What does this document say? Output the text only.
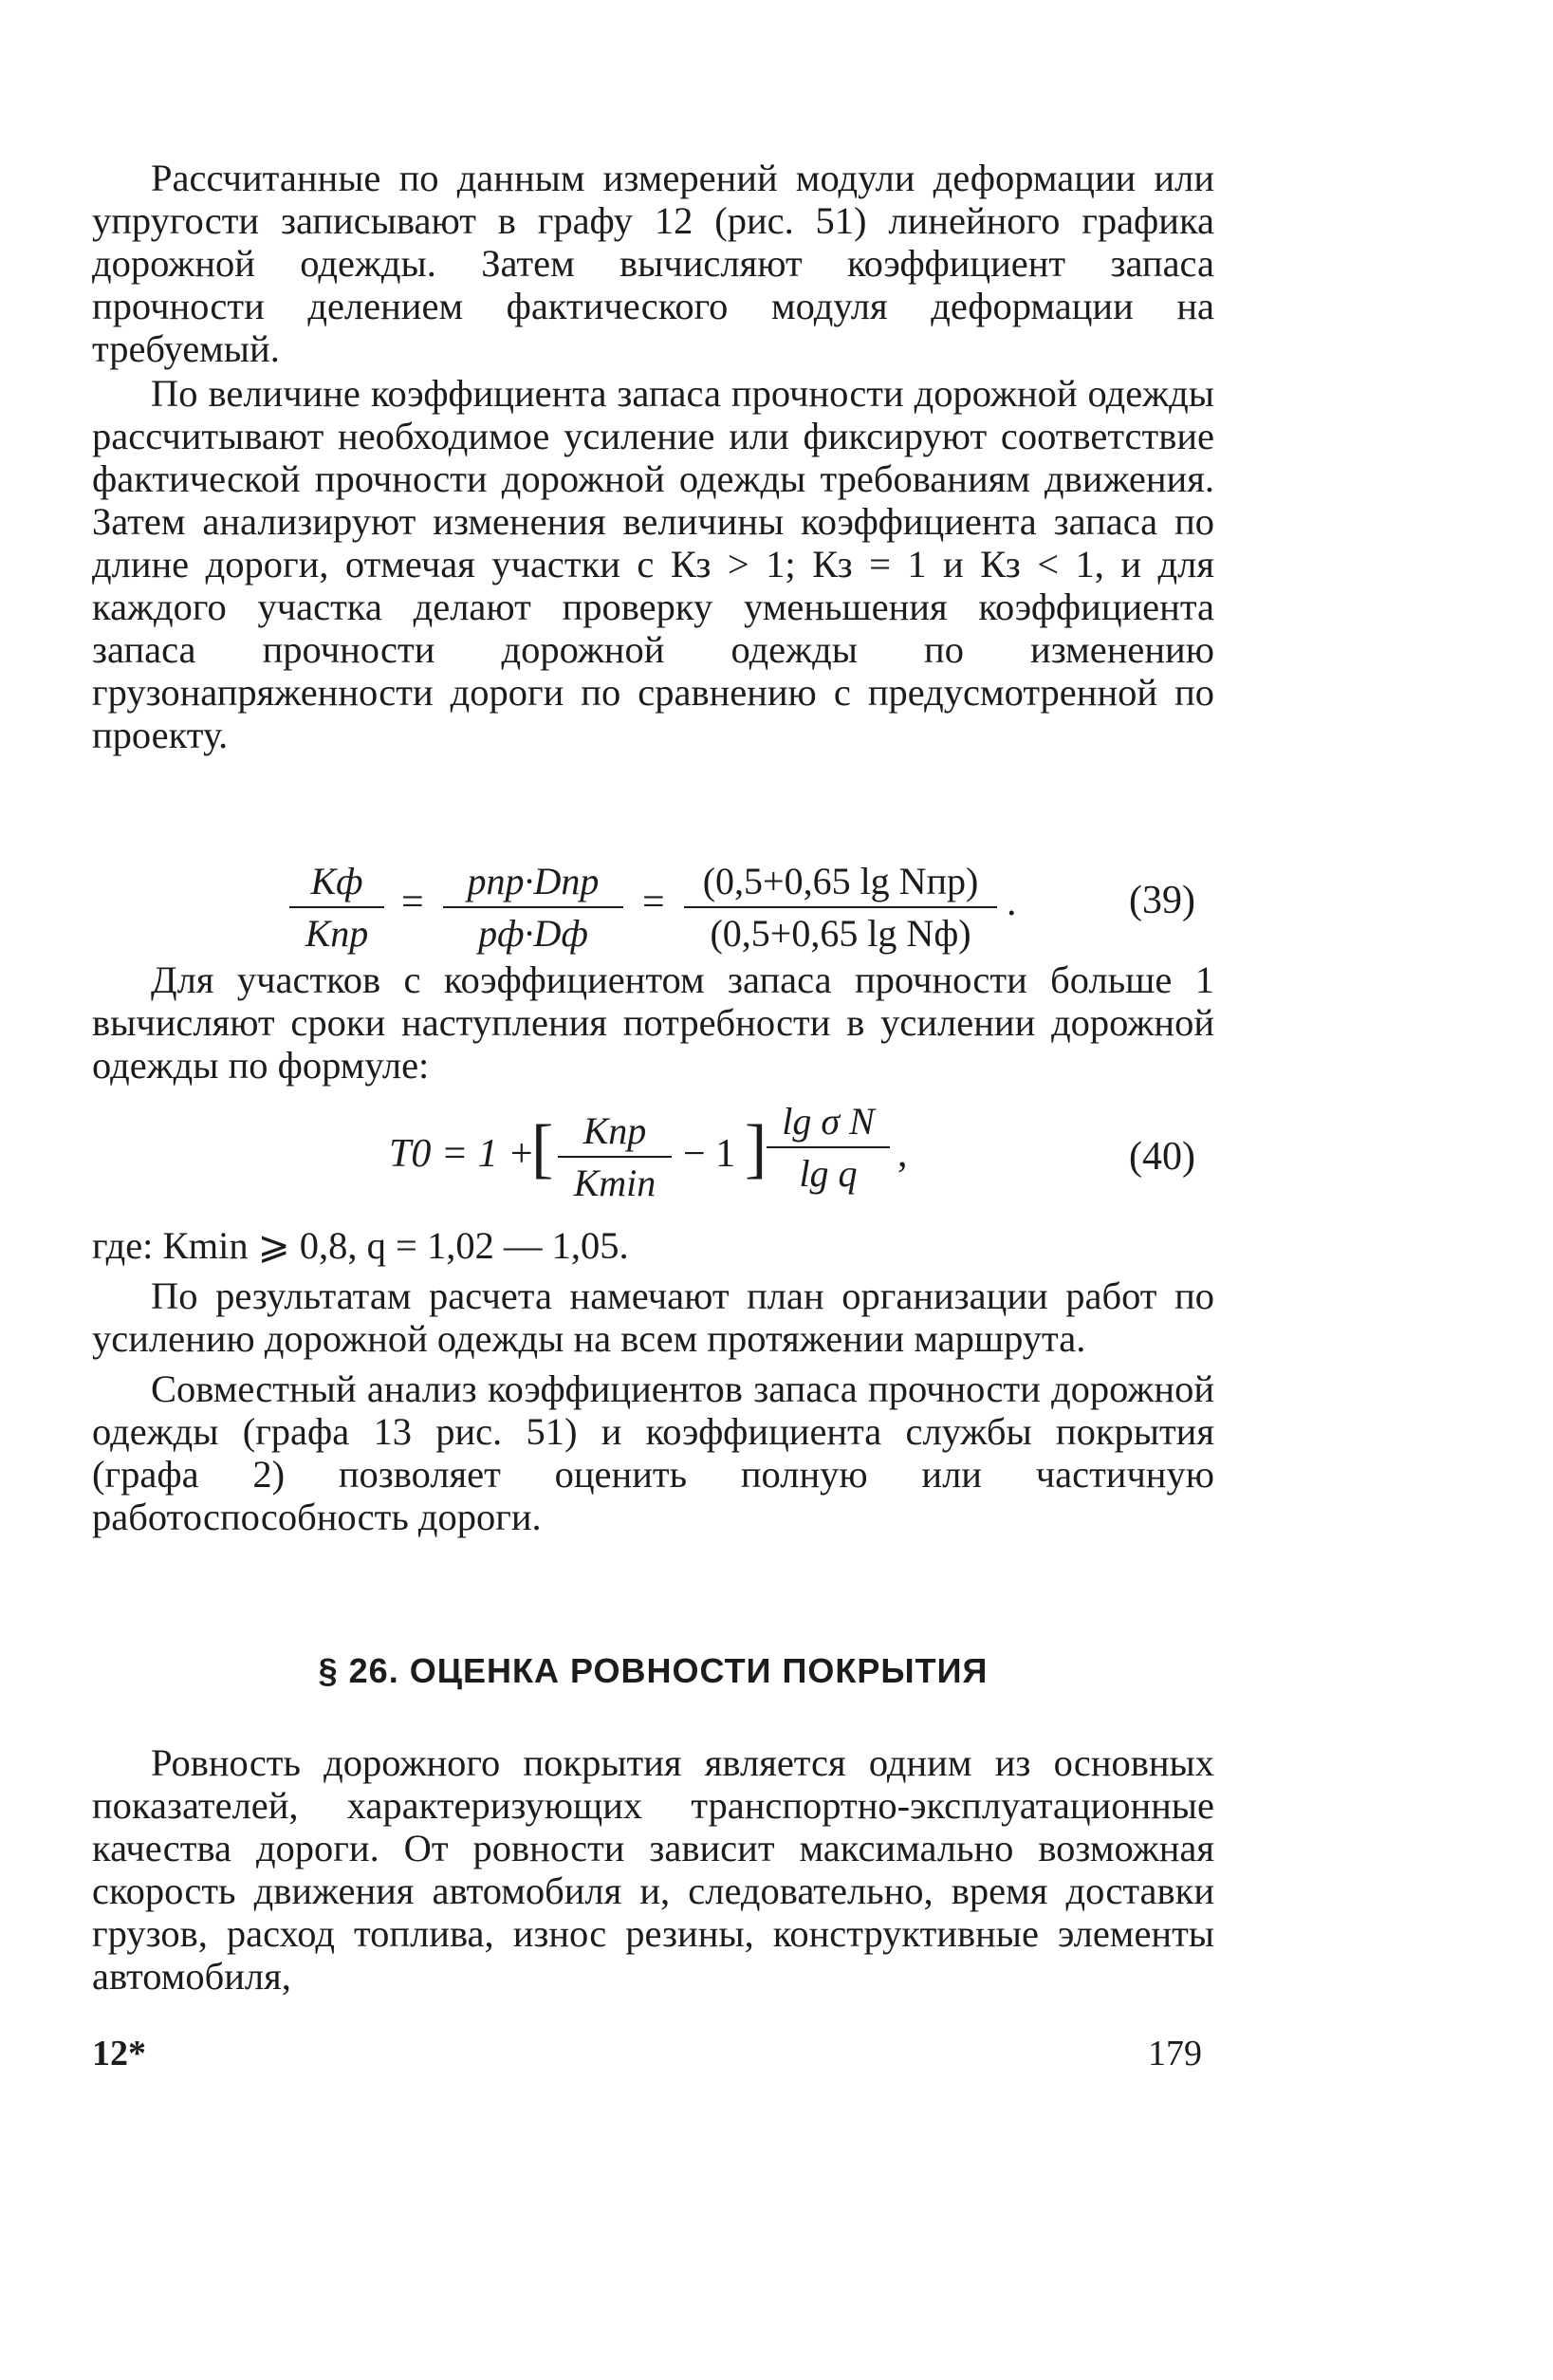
Рассчитанные по данным измерений модули деформации или упругости записывают в графу 12 (рис. 51) линейного графика дорожной одежды. Затем вычисляют коэффициент запаса прочности делением фактического модуля деформации на требуемый.

По величине коэффициента запаса прочности дорожной одежды рассчитывают необходимое усиление или фиксируют соответствие фактической прочности дорожной одежды требованиям движения. Затем анализируют изменения величины коэффициента запаса по длине дороги, отмечая участки с Кз > 1; Кз = 1 и Кз < 1, и для каждого участка делают проверку уменьшения коэффициента запаса прочности дорожной одежды по изменению грузонапряженности дороги по сравнению с предусмотренной по проекту.

Кф
Кпр
=	pпр·Dпр
pф·Dф
=	(0,5+0,65 lg Nпр)
(0,5+0,65 lg Nф)
.	(39)

Для участков с коэффициентом запаса прочности больше 1 вычисляют сроки наступления потребности в усилении дорожной одежды по формуле:

T0 = 1 +
[ Кпр
Кmin
− 1 ] lg σ N
lg q	,	(40)

где: Кmin ⩾ 0,8, q = 1,02 — 1,05.

По результатам расчета намечают план организации работ по усилению дорожной одежды на всем протяжении маршрута.

Совместный анализ коэффициентов запаса прочности дорожной одежды (графа 13 рис. 51) и коэффициента службы покрытия (графа 2) позволяет оценить полную или частичную работоспособность дороги.

§ 26. ОЦЕНКА РОВНОСТИ ПОКРЫТИЯ

Ровность дорожного покрытия является одним из основных показателей, характеризующих транспортно-эксплуатационные качества дороги. От ровности зависит максимально возможная скорость движения автомобиля и, следовательно, время доставки грузов, расход топлива, износ резины, конструктивные элементы автомобиля,

12*	179
